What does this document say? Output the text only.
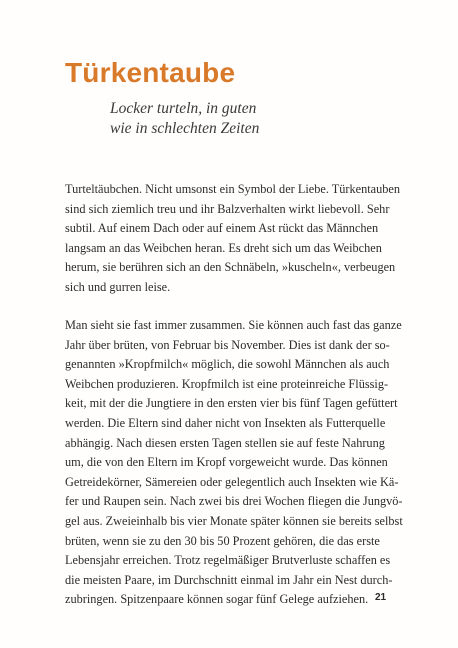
Türkentaube

Locker turteln, in guten
wie in schlechten Zeiten

Turteltäubchen. Nicht umsonst ein Symbol der Liebe. Türkentauben
sind sich ziemlich treu und ihr Balzverhalten wirkt liebevoll. Sehr
subtil. Auf einem Dach oder auf einem Ast rückt das Männchen
langsam an das Weibchen heran. Es dreht sich um das Weibchen
herum, sie berühren sich an den Schnäbeln, »kuscheln«, verbeugen
sich und gurren leise.

Man sieht sie fast immer zusammen. Sie können auch fast das ganze
Jahr über brüten, von Februar bis November. Dies ist dank der so-
genannten »Kropfmilch« möglich, die sowohl Männchen als auch
Weibchen produzieren. Kropfmilch ist eine proteinreiche Flüssig-
keit, mit der die Jungtiere in den ersten vier bis fünf Tagen gefüttert
werden. Die Eltern sind daher nicht von Insekten als Futterquelle
abhängig. Nach diesen ersten Tagen stellen sie auf feste Nahrung
um, die von den Eltern im Kropf vorgeweicht wurde. Das können
Getreidekörner, Sämereien oder gelegentlich auch Insekten wie Kä-
fer und Raupen sein. Nach zwei bis drei Wochen fliegen die Jungvö-
gel aus. Zweieinhalb bis vier Monate später können sie bereits selbst
brüten, wenn sie zu den 30 bis 50 Prozent gehören, die das erste
Lebensjahr erreichen. Trotz regelmäßiger Brutverluste schaffen es
die meisten Paare, im Durchschnitt einmal im Jahr ein Nest durch-
zubringen. Spitzenpaare können sogar fünf Gelege aufziehen. 21
